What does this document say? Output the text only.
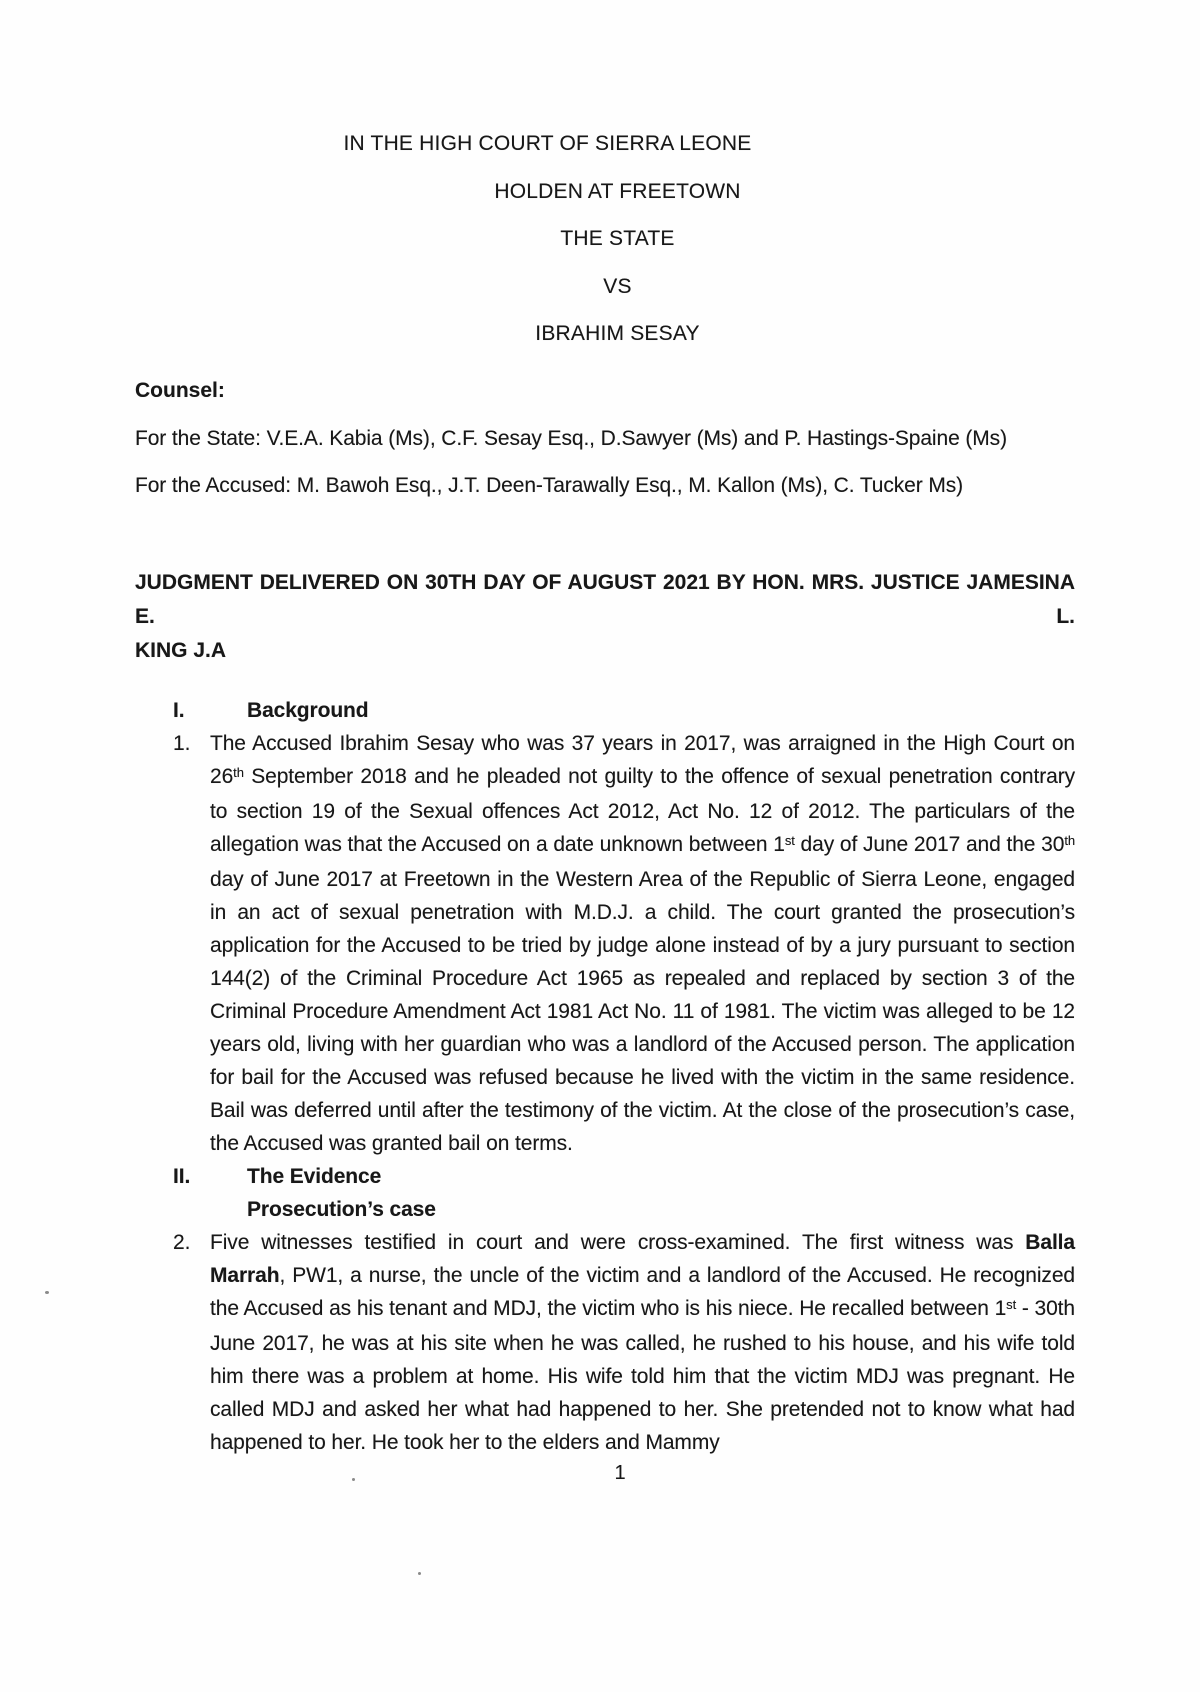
IN THE HIGH COURT OF SIERRA LEONE
HOLDEN AT FREETOWN
THE STATE
VS
IBRAHIM SESAY
Counsel:
For the State: V.E.A. Kabia (Ms), C.F. Sesay Esq., D.Sawyer (Ms) and P. Hastings-Spaine (Ms)
For the Accused: M. Bawoh Esq., J.T. Deen-Tarawally Esq., M. Kallon (Ms), C. Tucker Ms)
JUDGMENT DELIVERED ON 30TH DAY OF AUGUST 2021 BY HON. MRS. JUSTICE JAMESINA E. L.
KING J.A
I.	Background
1. The Accused Ibrahim Sesay who was 37 years in 2017, was arraigned in the High Court on 26th September 2018 and he pleaded not guilty to the offence of sexual penetration contrary to section 19 of the Sexual offences Act 2012, Act No. 12 of 2012. The particulars of the allegation was that the Accused on a date unknown between 1st day of June 2017 and the 30th day of June 2017 at Freetown in the Western Area of the Republic of Sierra Leone, engaged in an act of sexual penetration with M.D.J. a child. The court granted the prosecution’s application for the Accused to be tried by judge alone instead of by a jury pursuant to section 144(2) of the Criminal Procedure Act 1965 as repealed and replaced by section 3 of the Criminal Procedure Amendment Act 1981 Act No. 11 of 1981. The victim was alleged to be 12 years old, living with her guardian who was a landlord of the Accused person. The application for bail for the Accused was refused because he lived with the victim in the same residence. Bail was deferred until after the testimony of the victim. At the close of the prosecution’s case, the Accused was granted bail on terms.
II.	The Evidence
Prosecution’s case
2. Five witnesses testified in court and were cross-examined. The first witness was Balla Marrah, PW1, a nurse, the uncle of the victim and a landlord of the Accused. He recognized the Accused as his tenant and MDJ, the victim who is his niece. He recalled between 1st - 30th June 2017, he was at his site when he was called, he rushed to his house, and his wife told him there was a problem at home. His wife told him that the victim MDJ was pregnant. He called MDJ and asked her what had happened to her. She pretended not to know what had happened to her. He took her to the elders and Mammy
1
